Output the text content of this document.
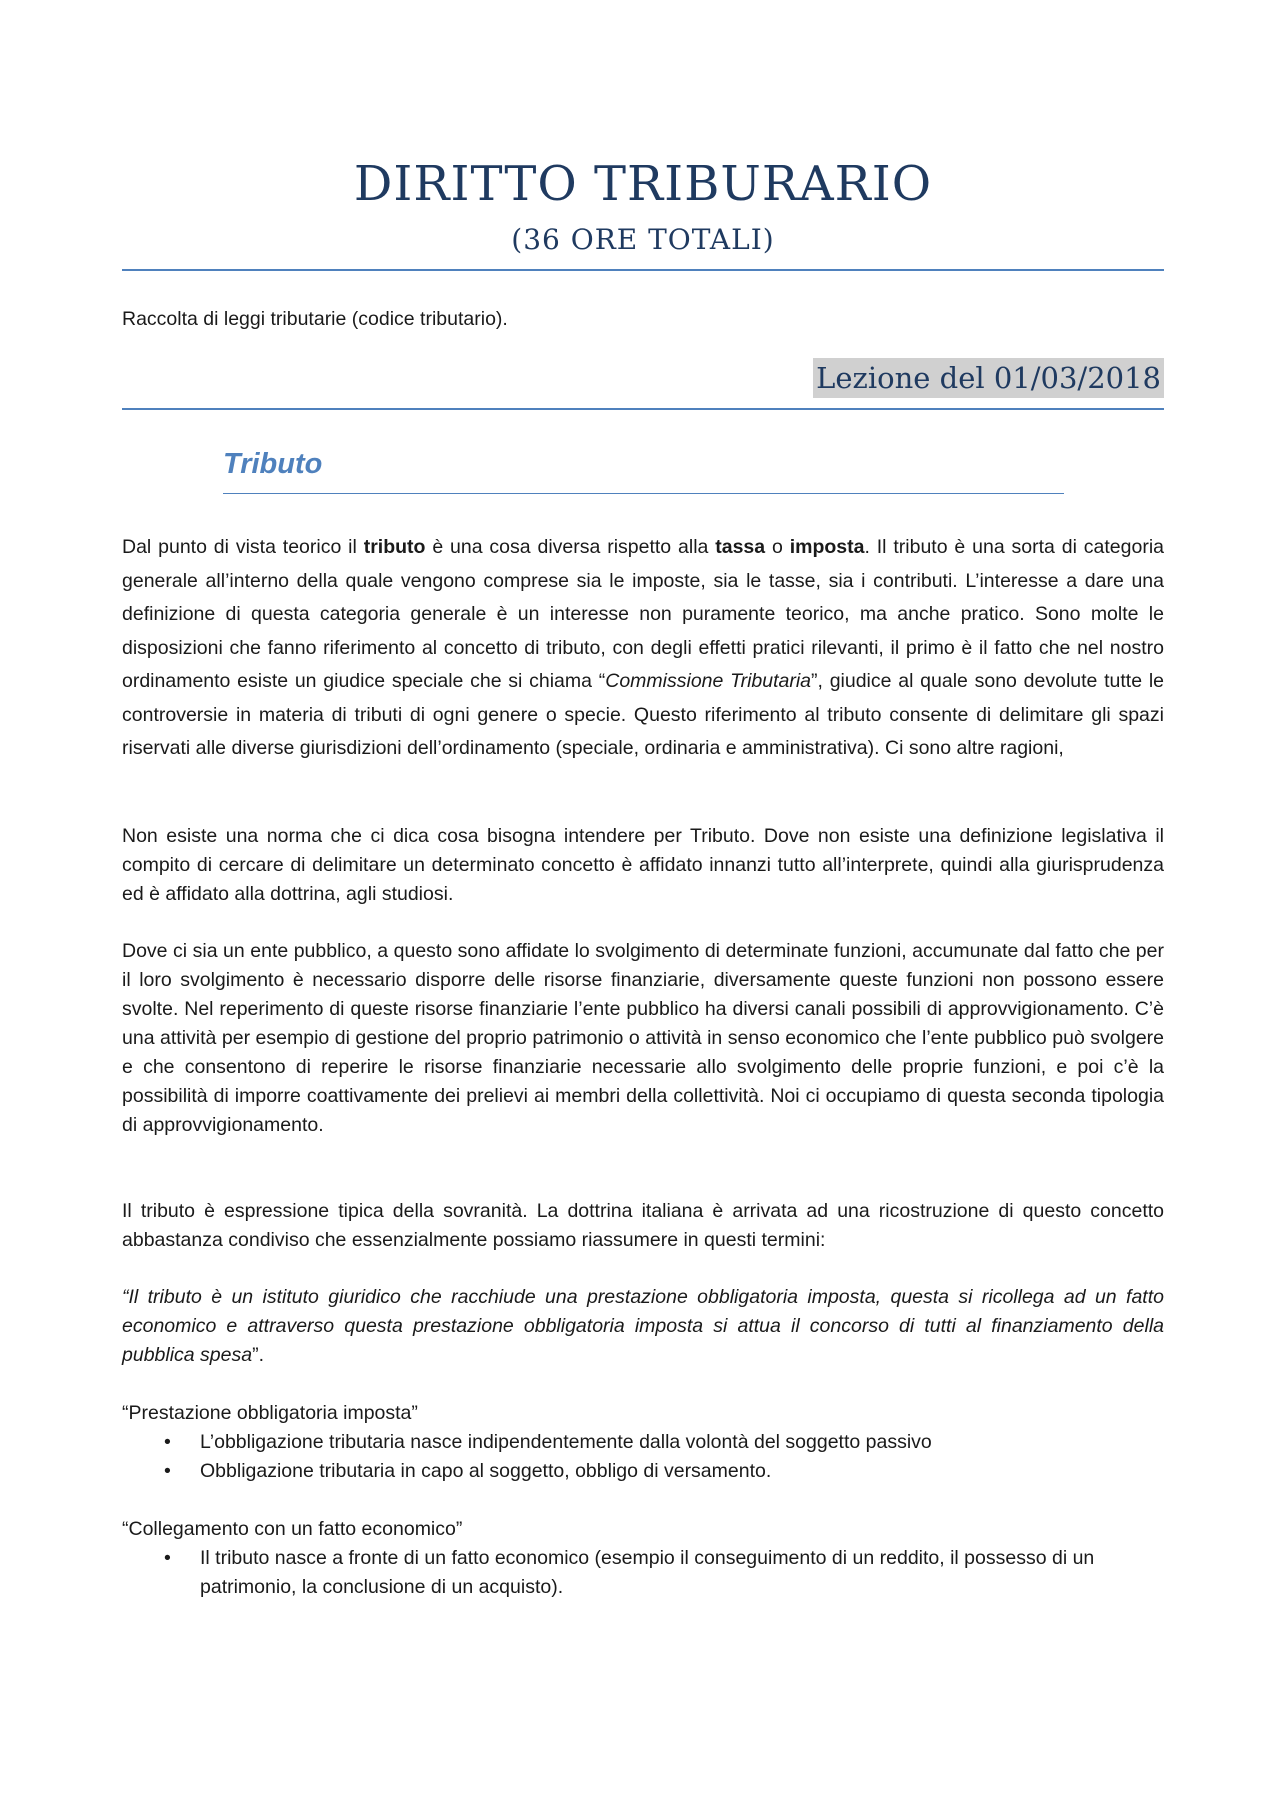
DIRITTO TRIBURARIO
(36 ORE TOTALI)

Raccolta di leggi tributarie (codice tributario).

Lezione del 01/03/2018
Tributo

Dal punto di vista teorico il tributo è una cosa diversa rispetto alla tassa o imposta. Il tributo è una sorta di categoria generale all’interno della quale vengono comprese sia le imposte, sia le tasse, sia i contributi. L’interesse a dare una definizione di questa categoria generale è un interesse non puramente teorico, ma anche pratico. Sono molte le disposizioni che fanno riferimento al concetto di tributo, con degli effetti pratici rilevanti, il primo è il fatto che nel nostro ordinamento esiste un giudice speciale che si chiama “Commissione Tributaria”, giudice al quale sono devolute tutte le controversie in materia di tributi di ogni genere o specie. Questo riferimento al tributo consente di delimitare gli spazi riservati alle diverse giurisdizioni dell’ordinamento (speciale, ordinaria e amministrativa). Ci sono altre ragioni,

Non esiste una norma che ci dica cosa bisogna intendere per Tributo. Dove non esiste una definizione legislativa il compito di cercare di delimitare un determinato concetto è affidato innanzi tutto all’interprete, quindi alla giurisprudenza ed è affidato alla dottrina, agli studiosi.

Dove ci sia un ente pubblico, a questo sono affidate lo svolgimento di determinate funzioni, accumunate dal fatto che per il loro svolgimento è necessario disporre delle risorse finanziarie, diversamente queste funzioni non possono essere svolte. Nel reperimento di queste risorse finanziarie l’ente pubblico ha diversi canali possibili di approvvigionamento. C’è una attività per esempio di gestione del proprio patrimonio o attività in senso economico che l’ente pubblico può svolgere e che consentono di reperire le risorse finanziarie necessarie allo svolgimento delle proprie funzioni, e poi c’è la possibilità di imporre coattivamente dei prelievi ai membri della collettività. Noi ci occupiamo di questa seconda tipologia di approvvigionamento.

Il tributo è espressione tipica della sovranità. La dottrina italiana è arrivata ad una ricostruzione di questo concetto abbastanza condiviso che essenzialmente possiamo riassumere in questi termini:

“Il tributo è un istituto giuridico che racchiude una prestazione obbligatoria imposta, questa si ricollega ad un fatto economico e attraverso questa prestazione obbligatoria imposta si attua il concorso di tutti al finanziamento della pubblica spesa”.

“Prestazione obbligatoria imposta”

• L’obbligazione tributaria nasce indipendentemente dalla volontà del soggetto passivo
• Obbligazione tributaria in capo al soggetto, obbligo di versamento.

“Collegamento con un fatto economico”

• Il tributo nasce a fronte di un fatto economico (esempio il conseguimento di un reddito, il possesso di un patrimonio, la conclusione di un acquisto).
